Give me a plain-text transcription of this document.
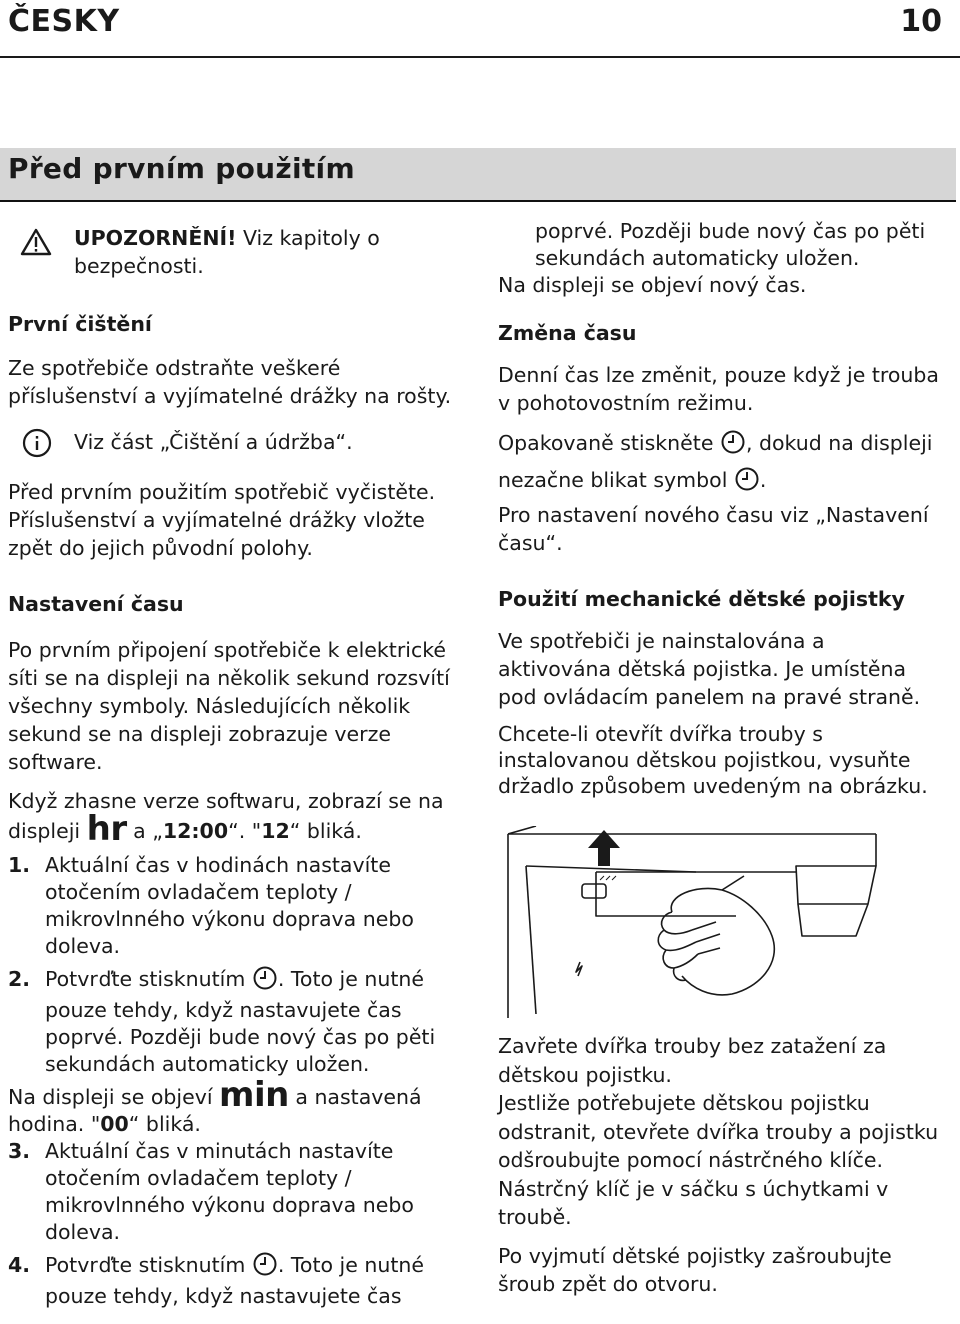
ČESKY	10
Před prvním použitím

UPOZORNĚNÍ! Viz kapitoly o bezpečnosti.

První čištění

Ze spotřebiče odstraňte veškeré příslušenství a vyjímatelné drážky na rošty.

Viz část „Čištění a údržba“.

Před prvním použitím spotřebič vyčistěte. Příslušenství a vyjímatelné drážky vložte zpět do jejich původní polohy.

Nastavení času

Po prvním připojení spotřebiče k elektrické síti se na displeji na několik sekund rozsvítí všechny symboly. Následujících několik sekund se na displeji zobrazuje verze software.

Když zhasne verze softwaru, zobrazí se na displeji hr a „12:00“. "12“ bliká.

1. Aktuální čas v hodinách nastavíte otočením ovladačem teploty / mikrovlnného výkonu doprava nebo doleva.

2. Potvrďte stisknutím . Toto je nutné pouze tehdy, když nastavujete čas poprvé. Později bude nový čas po pěti sekundách automaticky uložen.

Na displeji se objeví min a nastavená hodina. "00“ bliká.

3. Aktuální čas v minutách nastavíte otočením ovladačem teploty / mikrovlnného výkonu doprava nebo doleva.

4. Potvrďte stisknutím . Toto je nutné pouze tehdy, když nastavujete čas

poprvé. Později bude nový čas po pěti sekundách automaticky uložen.

Na displeji se objeví nový čas.

Změna času

Denní čas lze změnit, pouze když je trouba v pohotovostním režimu.

Opakovaně stiskněte , dokud na displeji nezačne blikat symbol .

Pro nastavení nového času viz „Nastavení času“.

Použití mechanické dětské pojistky

Ve spotřebiči je nainstalována a aktivována dětská pojistka. Je umístěna pod ovládacím panelem na pravé straně.

Chcete-li otevřít dvířka trouby s instalovanou dětskou pojistkou, vysuňte držadlo způsobem uvedeným na obrázku.

Zavřete dvířka trouby bez zatažení za dětskou pojistku.

Jestliže potřebujete dětskou pojistku odstranit, otevřete dvířka trouby a pojistku odšroubujte pomocí nástrčného klíče. Nástrčný klíč je v sáčku s úchytkami v troubě.

Po vyjmutí dětské pojistky zašroubujte šroub zpět do otvoru.
